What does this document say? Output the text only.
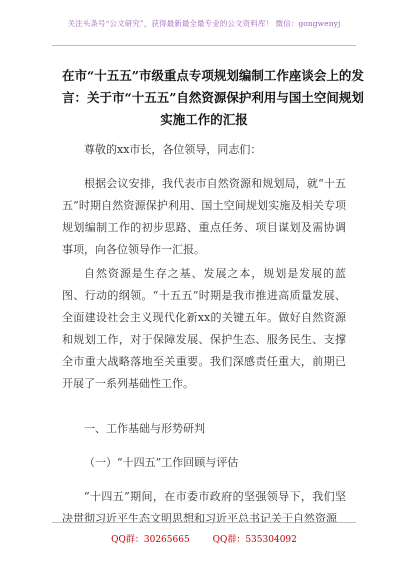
关注头条号“公文研究”，获得最新最全最专业的公文资料库！ 微信：gongwenyj
在市“十五五”市级重点专项规划编制工作座谈会上的发
言：关于市“十五五”自然资源保护利用与国土空间规划
实施工作的汇报

尊敬的xx市长，各位领导，同志们：

根据会议安排，我代表市自然资源和规划局，就“十五五”时期自然资源保护利用、国土空间规划实施及相关专项规划编制工作的初步思路、重点任务、项目谋划及需协调事项，向各位领导作一汇报。

自然资源是生存之基、发展之本，规划是发展的蓝图、行动的纲领。“十五五”时期是我市推进高质量发展、全面建设社会主义现代化新xx的关键五年。做好自然资源和规划工作，对于保障发展、保护生态、服务民生、支撑全市重大战略落地至关重要。我们深感责任重大，前期已开展了一系列基础性工作。

一、工作基础与形势研判

（一）“十四五”工作回顾与评估

“十四五”期间，在市委市政府的坚强领导下，我们坚决贯彻习近平生态文明思想和习近平总书记关于自然资源

QQ群：30265665	QQ群：535304092
